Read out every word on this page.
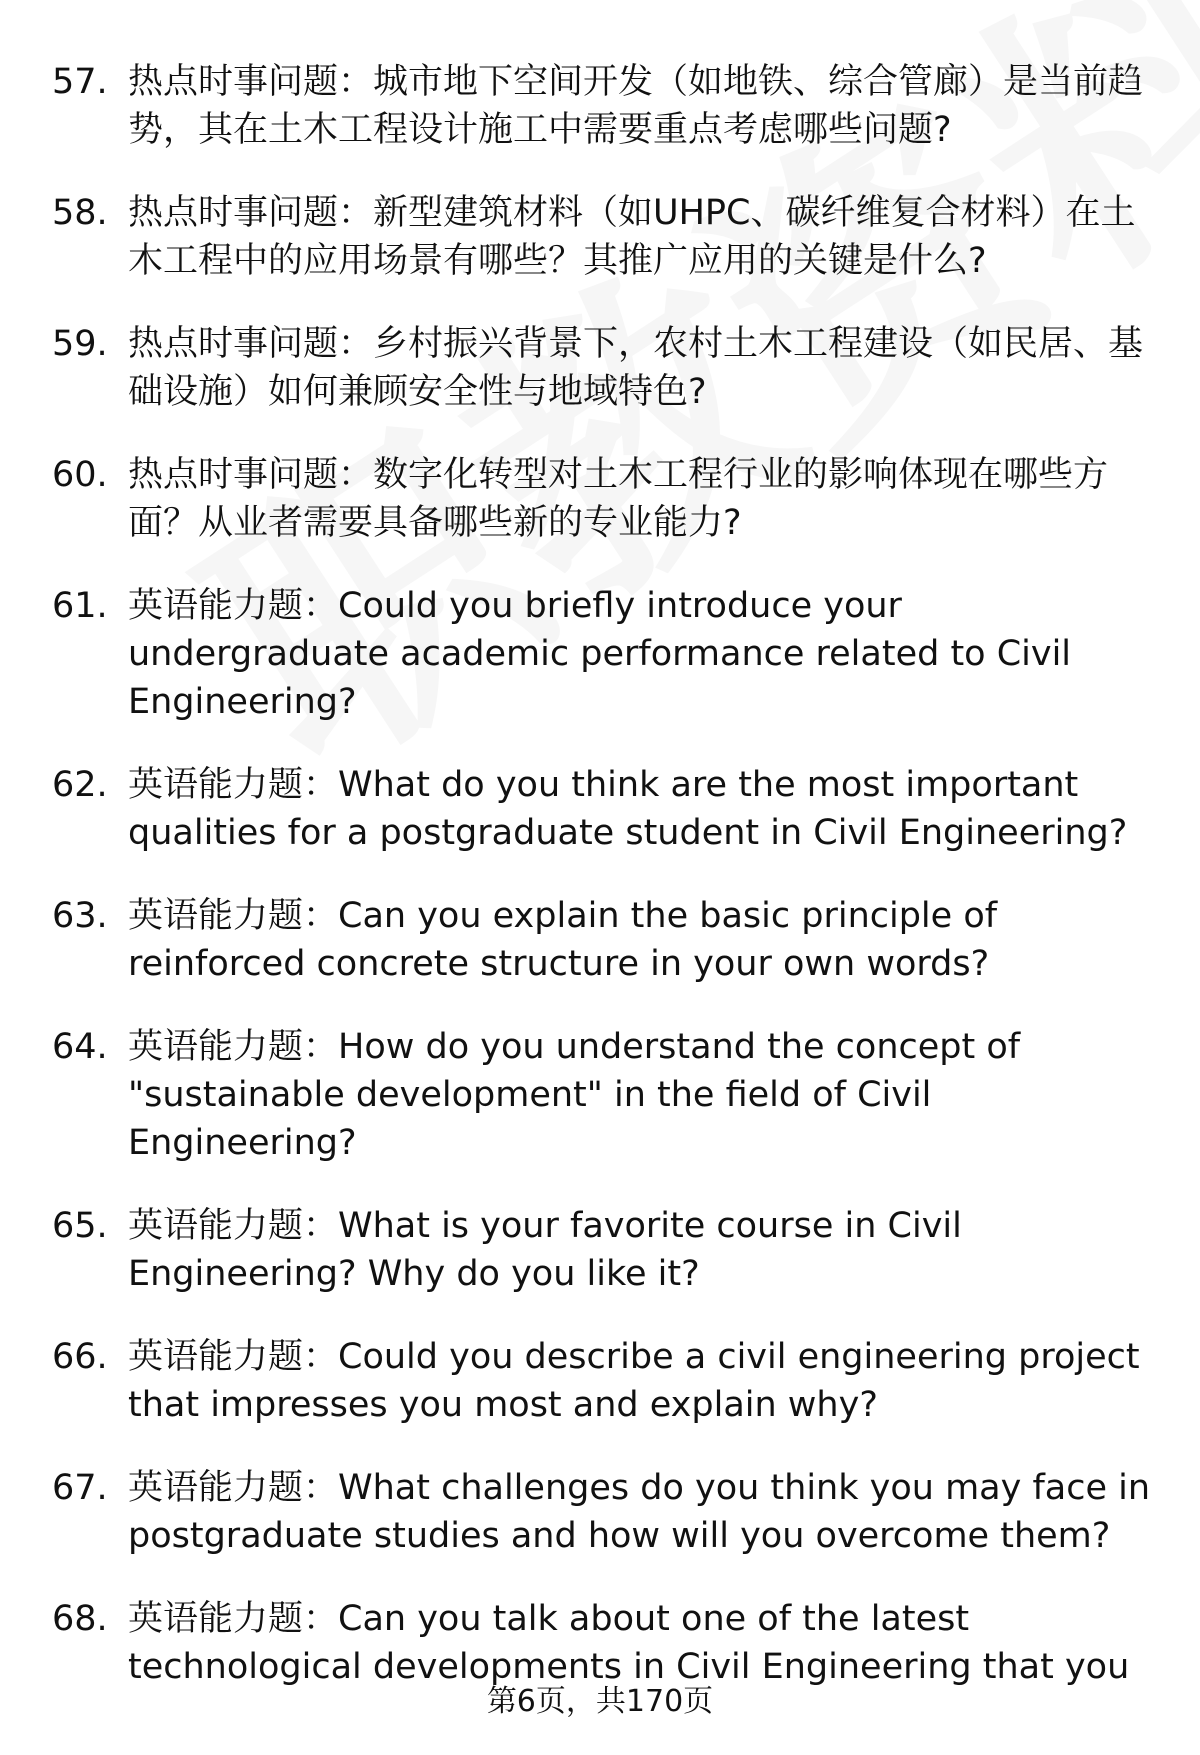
57. 热点时事问题：城市地下空间开发（如地铁、综合管廊）是当前趋势，其在土木工程设计施工中需要重点考虑哪些问题?
58. 热点时事问题：新型建筑材料（如UHPC、碳纤维复合材料）在土木工程中的应用场景有哪些？其推广应用的关键是什么?
59. 热点时事问题：乡村振兴背景下，农村土木工程建设（如民居、基础设施）如何兼顾安全性与地域特色?
60. 热点时事问题：数字化转型对土木工程行业的影响体现在哪些方面？从业者需要具备哪些新的专业能力?
61. 英语能力题：Could you briefly introduce your undergraduate academic performance related to Civil Engineering?
62. 英语能力题：What do you think are the most important qualities for a postgraduate student in Civil Engineering?
63. 英语能力题：Can you explain the basic principle of reinforced concrete structure in your own words?
64. 英语能力题：How do you understand the concept of "sustainable development" in the field of Civil Engineering?
65. 英语能力题：What is your favorite course in Civil Engineering? Why do you like it?
66. 英语能力题：Could you describe a civil engineering project that impresses you most and explain why?
67. 英语能力题：What challenges do you think you may face in postgraduate studies and how will you overcome them?
68. 英语能力题：Can you talk about one of the latest technological developments in Civil Engineering that you
第6页，共170页
